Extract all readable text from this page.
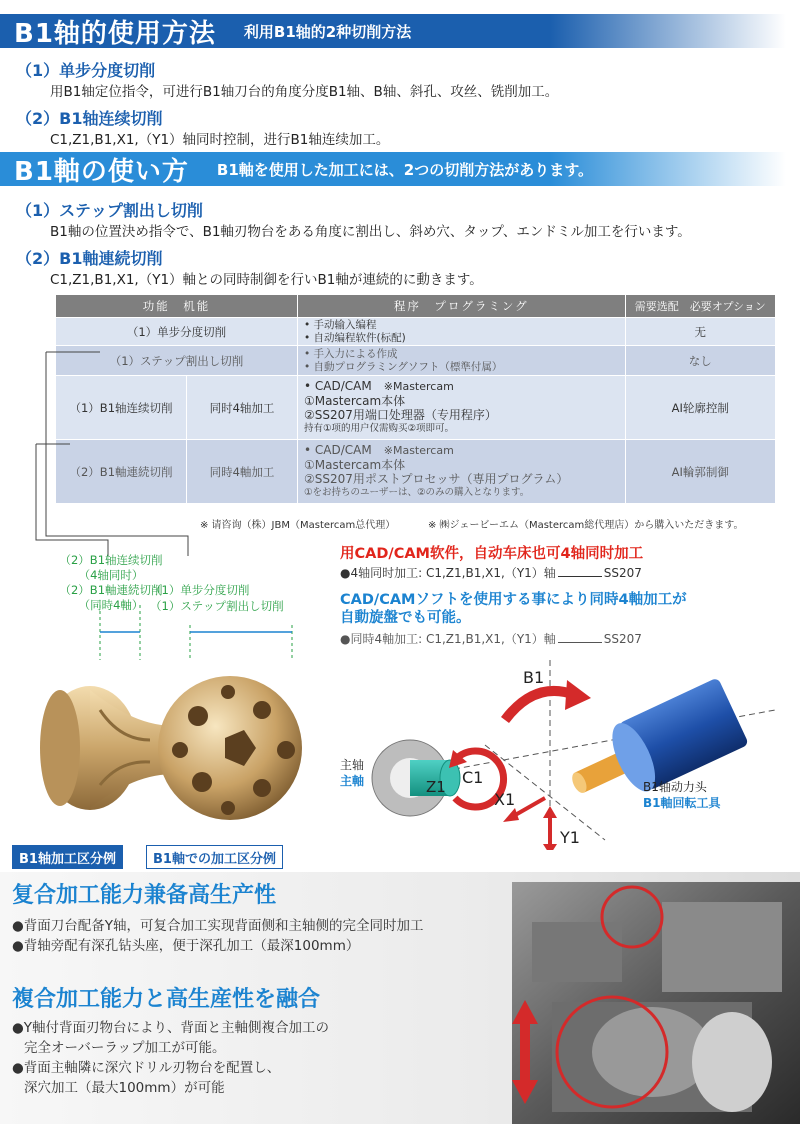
B1轴的使用方法 利用B1轴的2种切削方法
（1）单步分度切削
用B1轴定位指令，可进行B1轴刀台的角度分度B1轴、B轴、斜孔、攻丝、铣削加工。
（2）B1轴连续切削
C1,Z1,B1,X1,（Y1）轴同时控制，进行B1轴连续加工。
B1軸の使い方 B1軸を使用した加工には、2つの切削方法があります。
（1）ステップ割出し切削
B1軸の位置決め指令で、B1軸刃物台をある角度に割出し、斜め穴、タップ、エンドミル加工を行います。
（2）B1軸連続切削
C1,Z1,B1,X1,（Y1）軸との同時制御を行いB1軸が連続的に動きます。
功能　机能		程序　プログラミング	需要选配　必要オプション
（1）单步分度切削		• 手动输入编程
• 自动编程软件(标配)	无
（1）ステップ割出し切削		• 手入力による作成
• 自動プログラミングソフト（標準付属）	なし
（1）B1轴连续切削	同时4轴加工	• CAD/CAM　 ※Mastercam
①Mastercam本体
②SS207用端口处理器（专用程序）
持有①项的用户仅需购买②项即可。	AI轮廓控制
（2）B1軸連続切削	同時4軸加工	• CAD/CAM　 ※Mastercam
①Mastercam本体
②SS207用ポストプロセッサ（専用プログラム）
①をお持ちのユーザーは、②のみの購入となります。	AI輪郭制御
※ 请咨询（株）JBM（Mastercam总代理）	※ ㈱ジェービーエム（Mastercam総代理店）から購入いただきます。
（2）B1轴连续切削
（4轴同时）
（2）B1軸連続切削
（同時4軸）
（1）单步分度切削
（1）ステップ割出し切削
用CAD/CAM软件，自动车床也可4轴同时加工
●4轴同时加工: C1,Z1,B1,X1,（Y1）轴	SS207
CAD/CAMソフトを使用する事により同時4軸加工が
自動旋盤でも可能。
●同時4軸加工: C1,Z1,B1,X1,（Y1）軸	SS207
B1
C1
Z1
X1
Y1
主轴
主軸	B1轴动力头
B1軸回転工具
B1轴加工区分例	B1軸での加工区分例
复合加工能力兼备高生产性
●背面刀台配备Y轴，可复合加工实现背面侧和主轴侧的完全同时加工
●背轴旁配有深孔钻头座，便于深孔加工（最深100mm）
複合加工能力と高生産性を融合
●Y軸付背面刃物台により、背面と主軸側複合加工の
完全オーバーラップ加工が可能。
●背面主軸隣に深穴ドリル刃物台を配置し、
深穴加工（最大100mm）が可能
